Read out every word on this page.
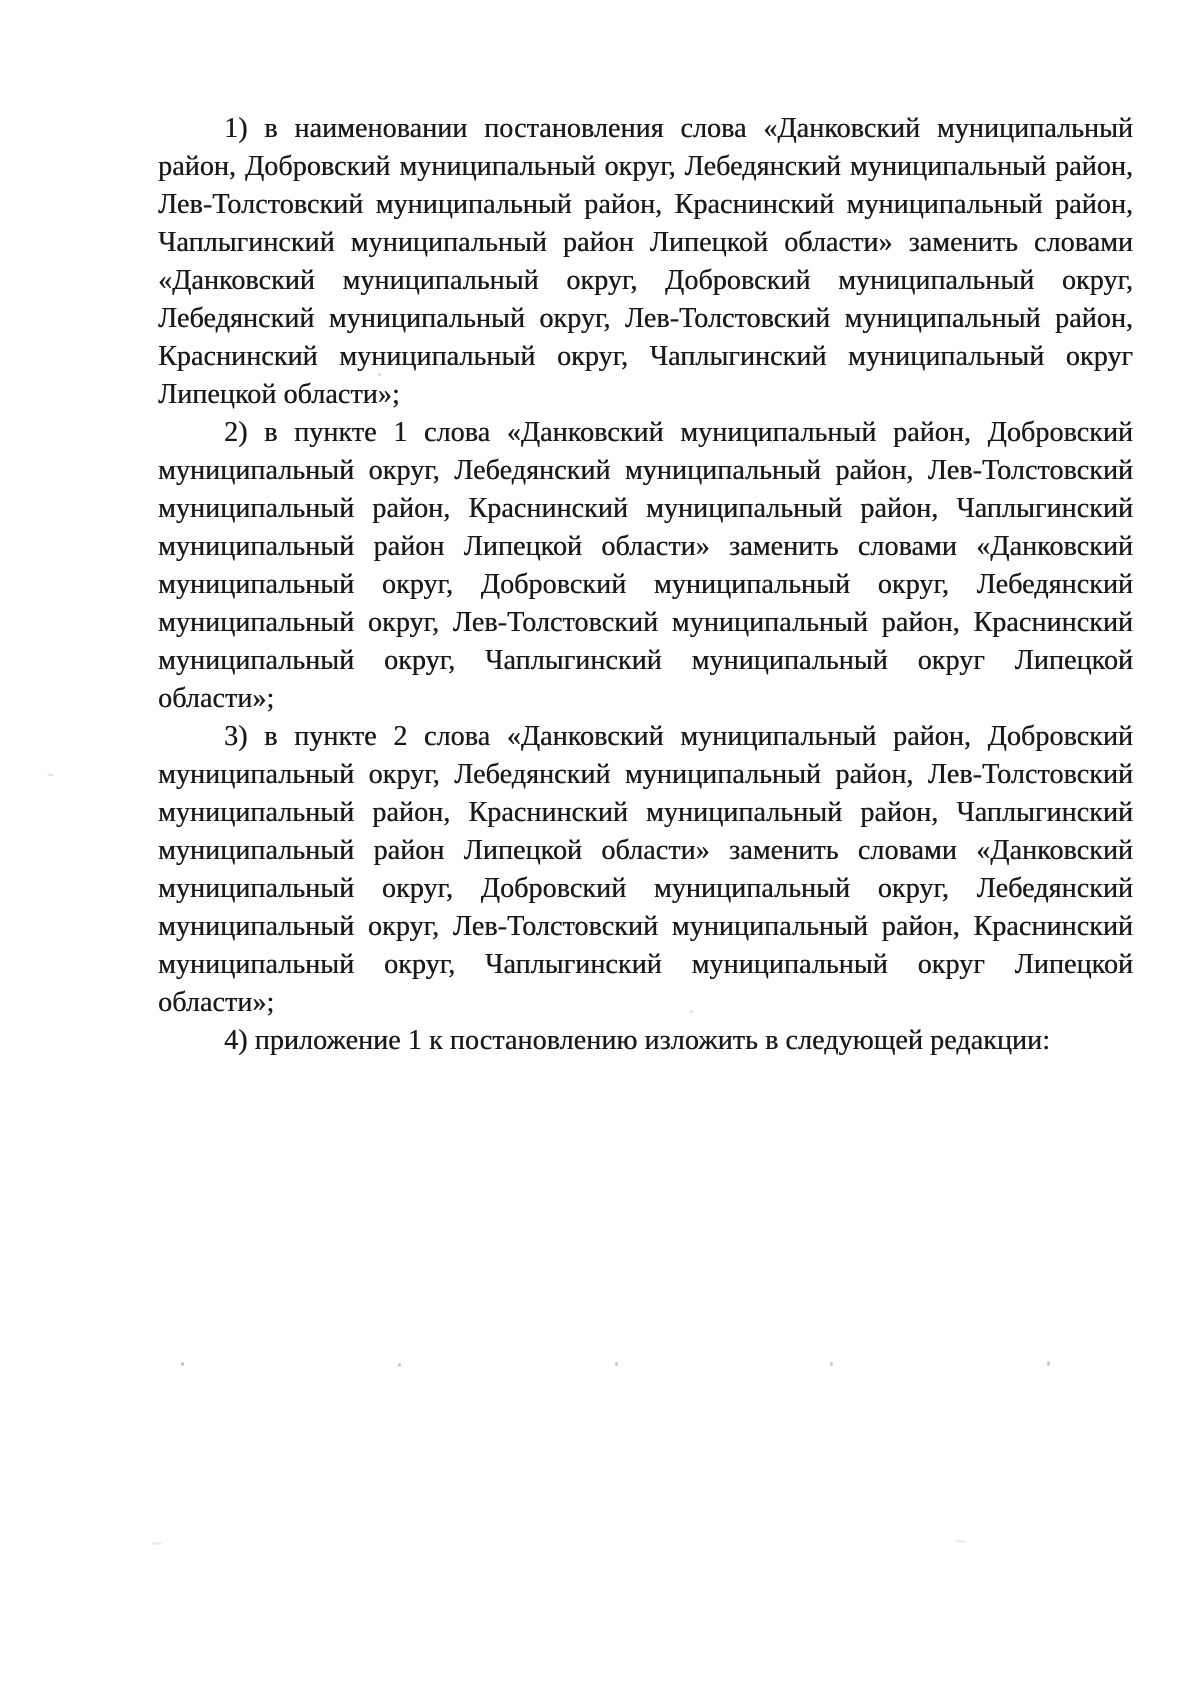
1) в наименовании постановления слова «Данковский муниципальный
район, Добровский муниципальный округ, Лебедянский муниципальный район,
Лев-Толстовский муниципальный район, Краснинский муниципальный район,
Чаплыгинский муниципальный район Липецкой области» заменить словами
«Данковский муниципальный округ, Добровский муниципальный округ,
Лебедянский муниципальный округ, Лев-Толстовский муниципальный район,
Краснинский муниципальный округ, Чаплыгинский муниципальный округ
Липецкой области»;
2) в пункте 1 слова «Данковский муниципальный район, Добровский
муниципальный округ, Лебедянский муниципальный район, Лев-Толстовский
муниципальный район, Краснинский муниципальный район, Чаплыгинский
муниципальный район Липецкой области» заменить словами «Данковский
муниципальный округ, Добровский муниципальный округ, Лебедянский
муниципальный округ, Лев-Толстовский муниципальный район, Краснинский
муниципальный округ, Чаплыгинский муниципальный округ Липецкой
области»;
3) в пункте 2 слова «Данковский муниципальный район, Добровский
муниципальный округ, Лебедянский муниципальный район, Лев-Толстовский
муниципальный район, Краснинский муниципальный район, Чаплыгинский
муниципальный район Липецкой области» заменить словами «Данковский
муниципальный округ, Добровский муниципальный округ, Лебедянский
муниципальный округ, Лев-Толстовский муниципальный район, Краснинский
муниципальный округ, Чаплыгинский муниципальный округ Липецкой
области»;
4) приложение 1 к постановлению изложить в следующей редакции:
